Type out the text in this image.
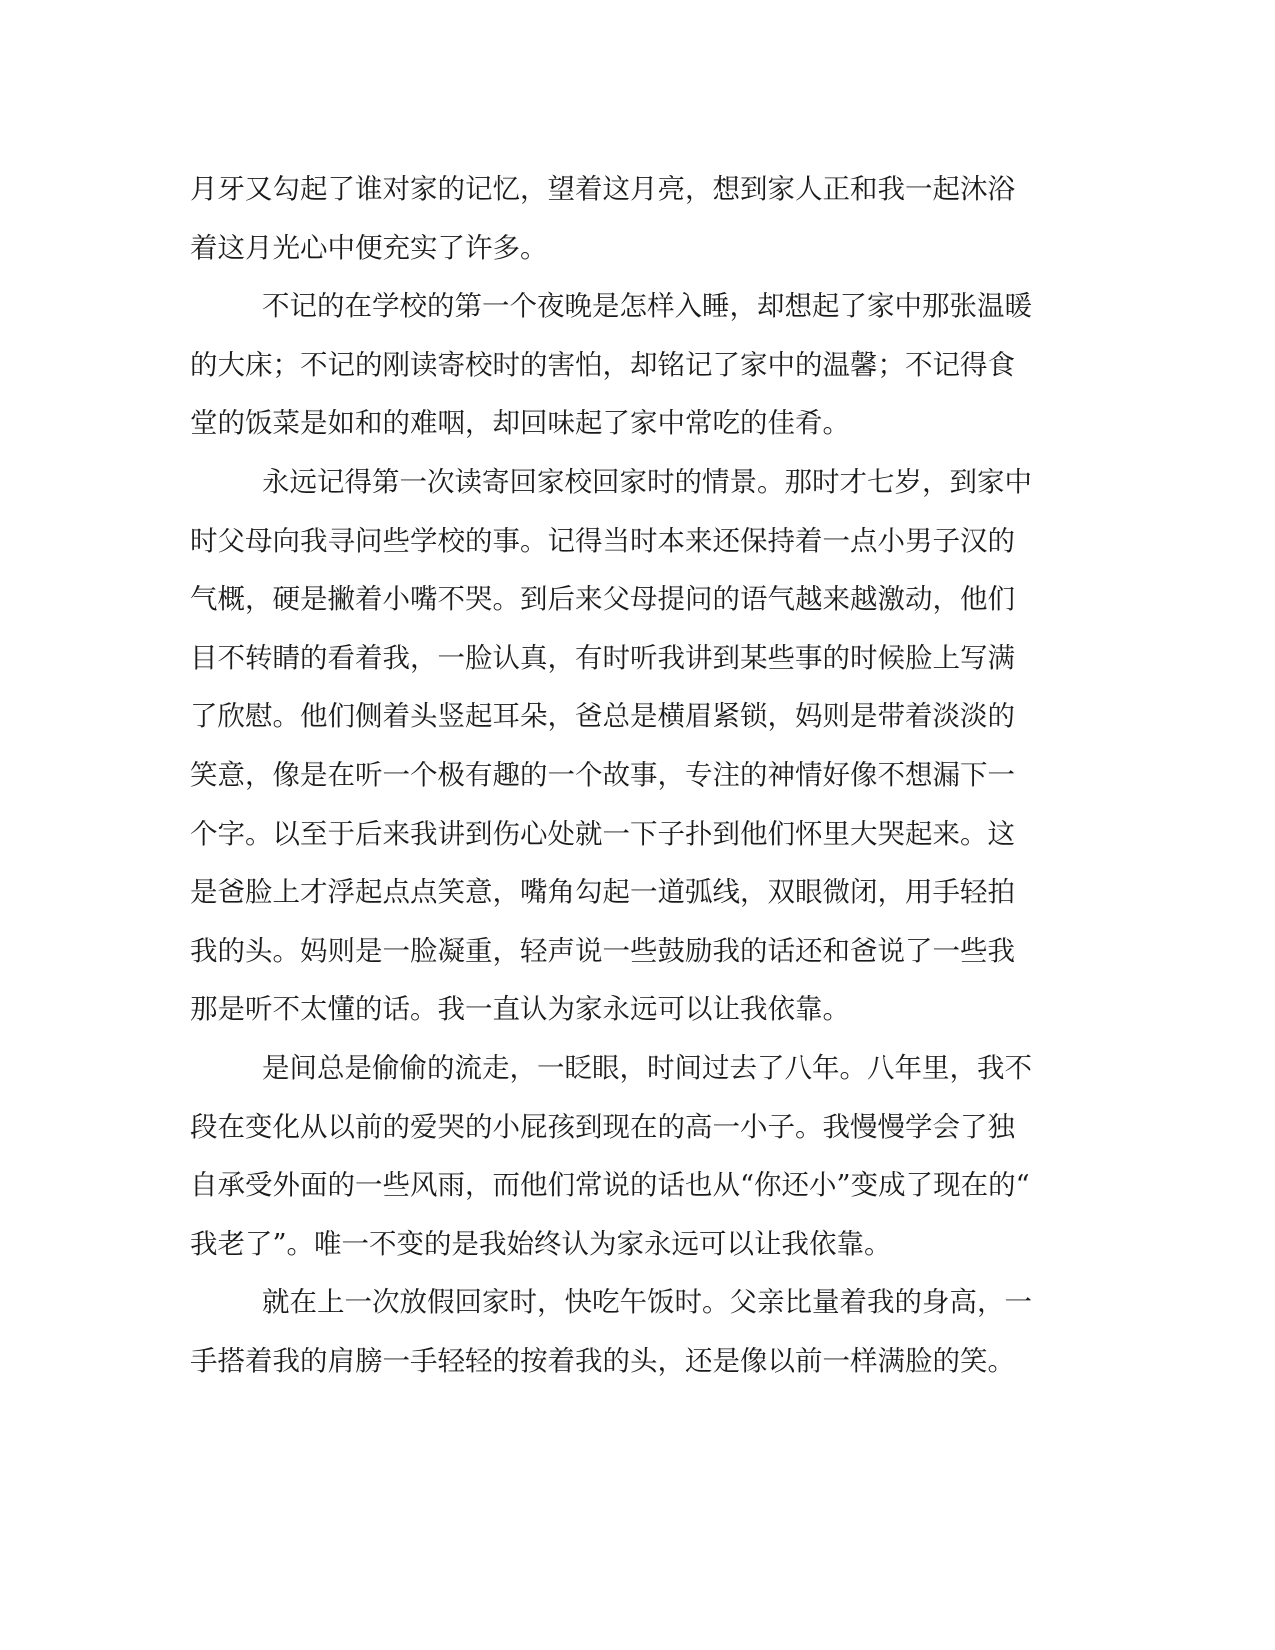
月牙又勾起了谁对家的记忆，望着这月亮，想到家人正和我一起沐浴
着这月光心中便充实了许多。
不记的在学校的第一个夜晚是怎样入睡，却想起了家中那张温暖
的大床；不记的刚读寄校时的害怕，却铭记了家中的温馨；不记得食
堂的饭菜是如和的难咽，却回味起了家中常吃的佳肴。
永远记得第一次读寄回家校回家时的情景。那时才七岁，到家中
时父母向我寻问些学校的事。记得当时本来还保持着一点小男子汉的
气概，硬是撇着小嘴不哭。到后来父母提问的语气越来越激动，他们
目不转睛的看着我，一脸认真，有时听我讲到某些事的时候脸上写满
了欣慰。他们侧着头竖起耳朵，爸总是横眉紧锁，妈则是带着淡淡的
笑意，像是在听一个极有趣的一个故事，专注的神情好像不想漏下一
个字。以至于后来我讲到伤心处就一下子扑到他们怀里大哭起来。这
是爸脸上才浮起点点笑意，嘴角勾起一道弧线，双眼微闭，用手轻拍
我的头。妈则是一脸凝重，轻声说一些鼓励我的话还和爸说了一些我
那是听不太懂的话。我一直认为家永远可以让我依靠。
是间总是偷偷的流走，一眨眼，时间过去了八年。八年里，我不
段在变化从以前的爱哭的小屁孩到现在的高一小子。我慢慢学会了独
自承受外面的一些风雨，而他们常说的话也从“你还小”变成了现在的“
我老了”。唯一不变的是我始终认为家永远可以让我依靠。
就在上一次放假回家时，快吃午饭时。父亲比量着我的身高，一
手搭着我的肩膀一手轻轻的按着我的头，还是像以前一样满脸的笑。
